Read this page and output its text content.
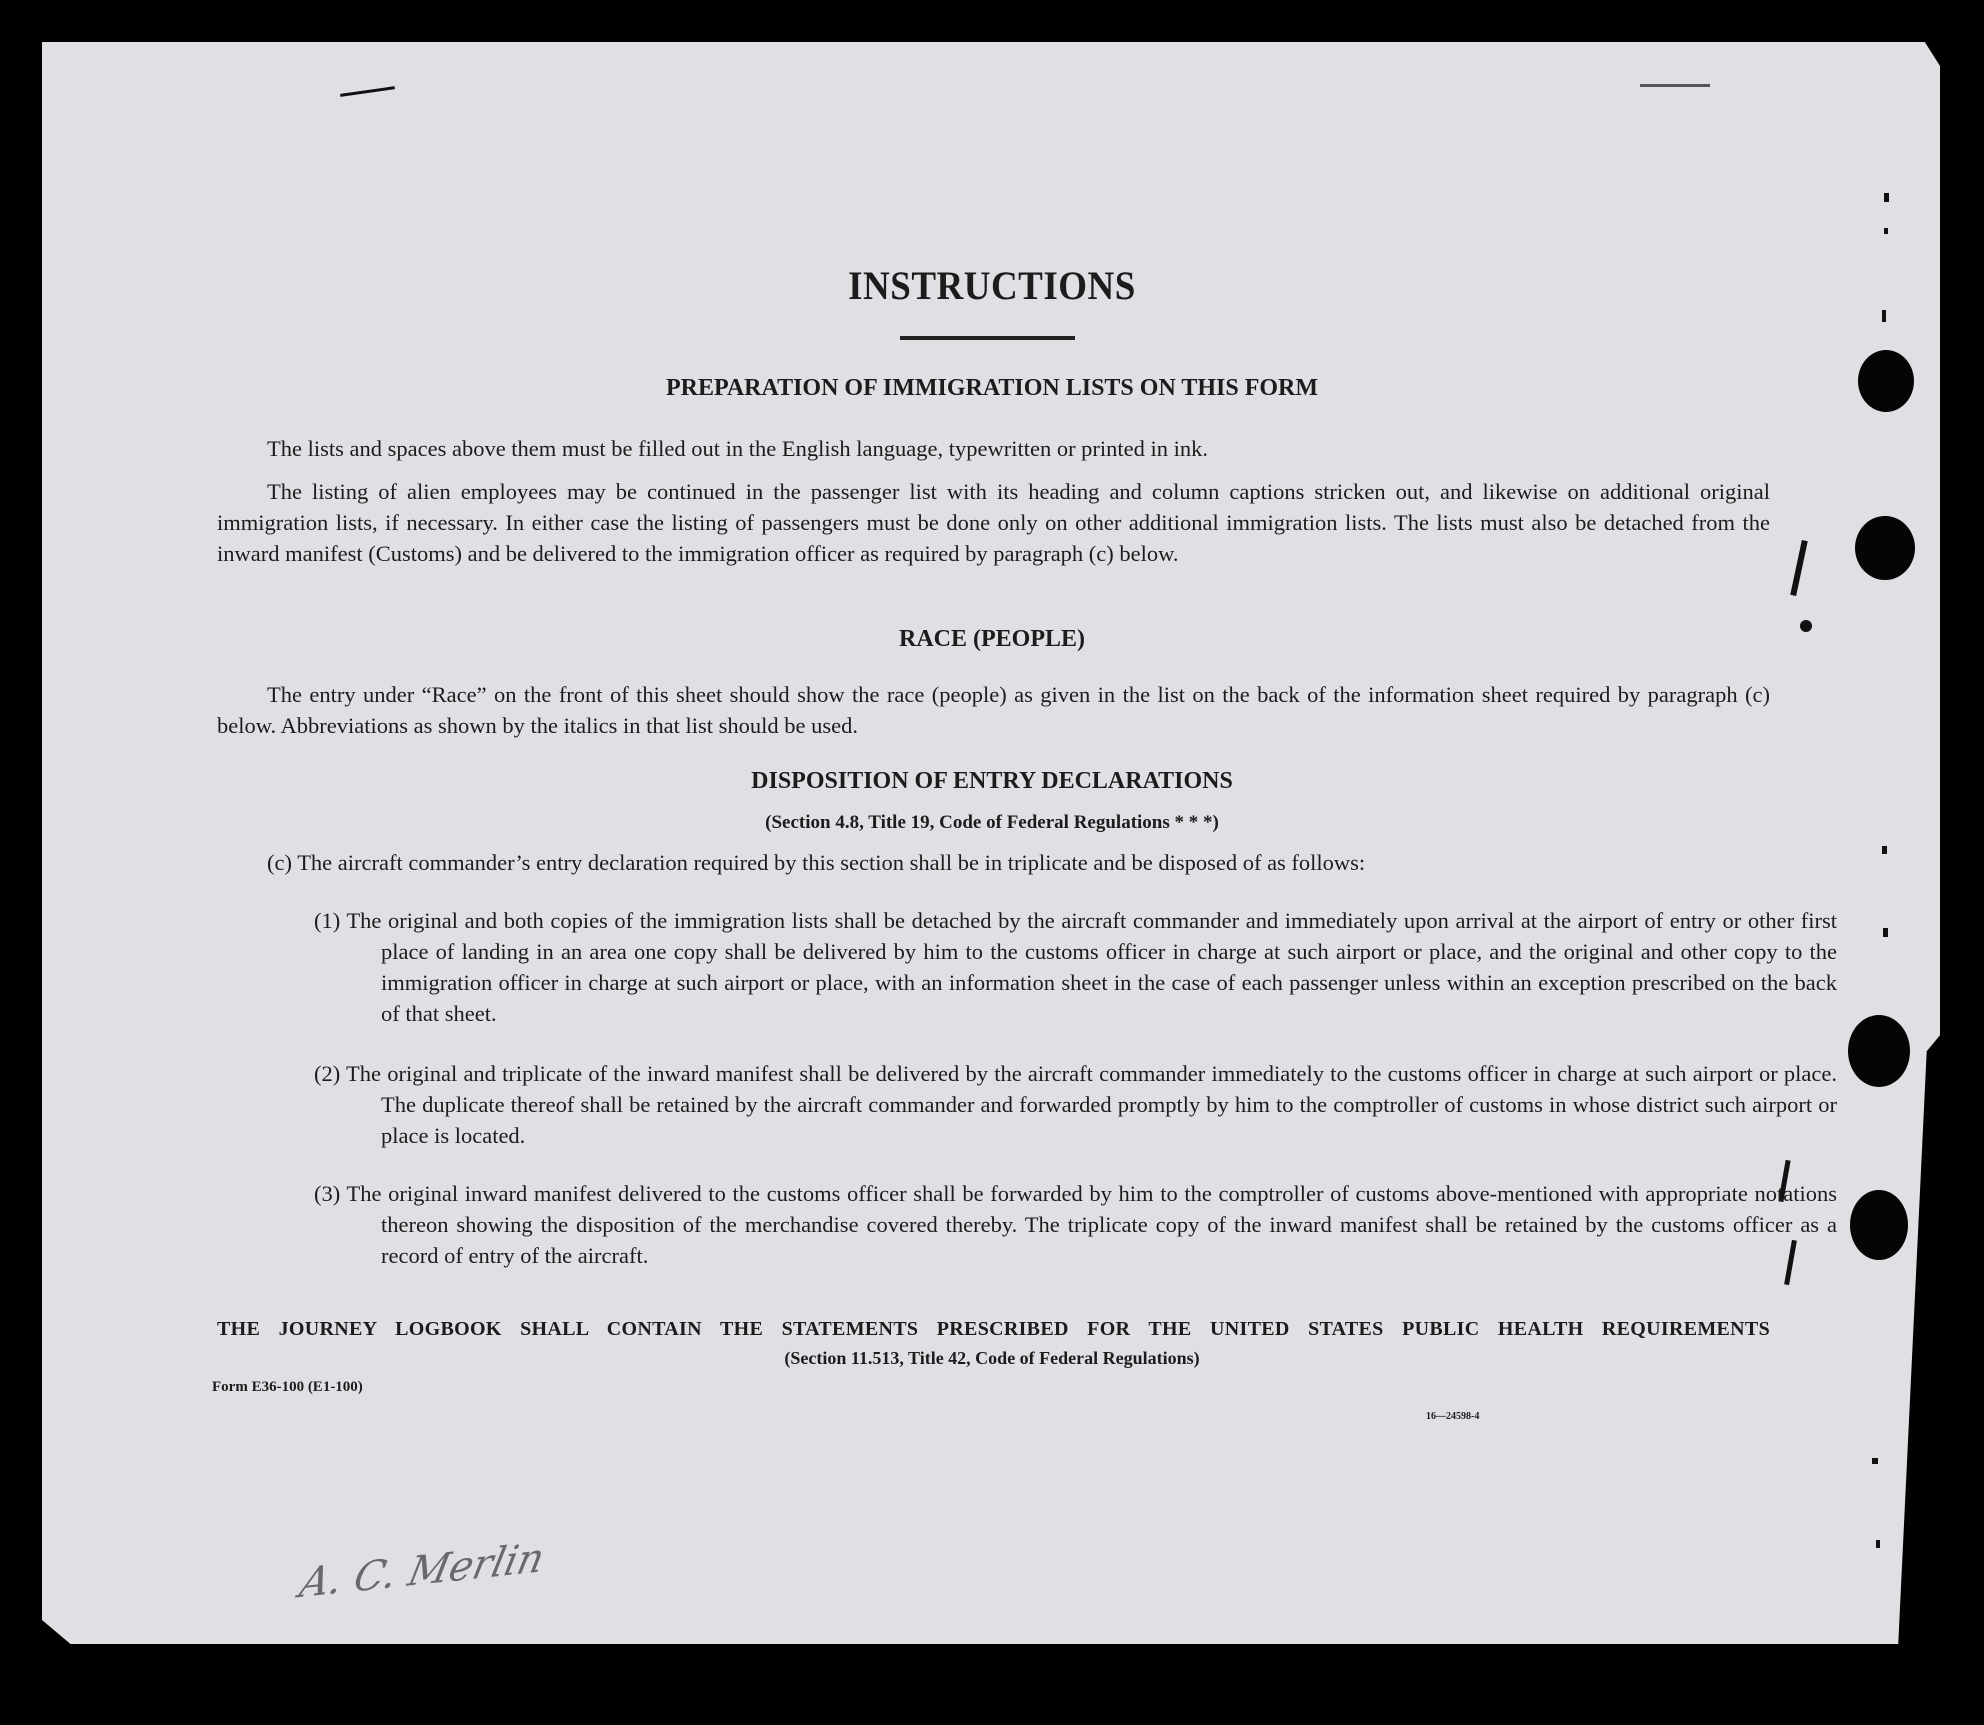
INSTRUCTIONS
PREPARATION OF IMMIGRATION LISTS ON THIS FORM

The lists and spaces above them must be filled out in the English language, typewritten or printed in ink.

The listing of alien employees may be continued in the passenger list with its heading and column captions stricken out, and likewise on additional original immigration lists, if necessary. In either case the listing of passengers must be done only on other additional immigration lists. The lists must also be detached from the inward manifest (Customs) and be delivered to the immigration officer as required by paragraph (c) below.

RACE (PEOPLE)

The entry under “Race” on the front of this sheet should show the race (people) as given in the list on the back of the information sheet required by paragraph (c) below. Abbreviations as shown by the italics in that list should be used.

DISPOSITION OF ENTRY DECLARATIONS

(Section 4.8, Title 19, Code of Federal Regulations * * *)

(c) The aircraft commander’s entry declaration required by this section shall be in triplicate and be disposed of as follows:

(1) The original and both copies of the immigration lists shall be detached by the aircraft commander and immediately upon arrival at the airport of entry or other first place of landing in an area one copy shall be delivered by him to the customs officer in charge at such airport or place, and the original and other copy to the immigration officer in charge at such airport or place, with an information sheet in the case of each passenger unless within an exception prescribed on the back of that sheet.

(2) The original and triplicate of the inward manifest shall be delivered by the aircraft commander immediately to the customs officer in charge at such airport or place. The duplicate thereof shall be retained by the aircraft commander and forwarded promptly by him to the comptroller of customs in whose district such airport or place is located.

(3) The original inward manifest delivered to the customs officer shall be forwarded by him to the comptroller of customs above-mentioned with appropriate notations thereon showing the disposition of the merchandise covered thereby. The triplicate copy of the inward manifest shall be retained by the customs officer as a record of entry of the aircraft.

THE JOURNEY LOGBOOK SHALL CONTAIN THE STATEMENTS PRESCRIBED FOR THE UNITED STATES PUBLIC HEALTH REQUIREMENTS

(Section 11.513, Title 42, Code of Federal Regulations)

Form E36-100 (E1-100)

16—24598-4

A. C. Merlin
